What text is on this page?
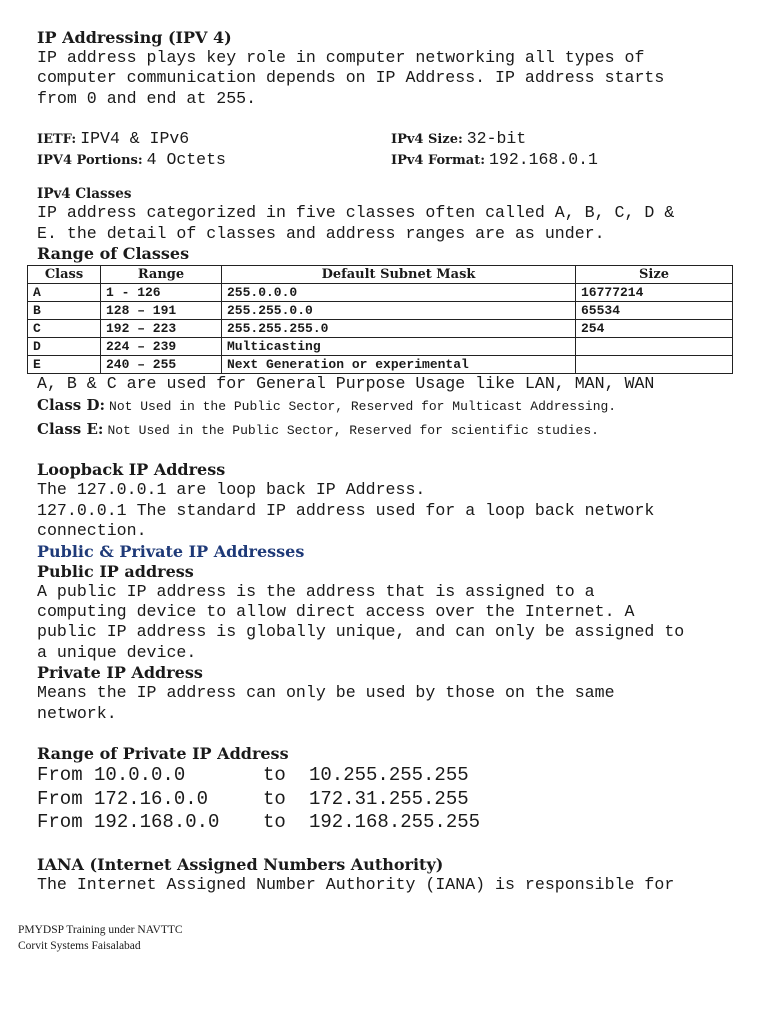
IP Addressing (IPV 4)

IP address plays key role in computer networking all types of
computer communication depends on IP Address. IP address starts
from 0 and end at 255.

IETF: IPV4 & IPv6	IPv4 Size: 32-bit
IPV4 Portions: 4 Octets	IPv4 Format: 192.168.0.1

IPv4 Classes

IP address categorized in five classes often called A, B, C, D &
E. the detail of classes and address ranges are as under.

Range of Classes

Class	Range	Default Subnet Mask	Size
A	1 - 126	255.0.0.0	16777214
B	128 – 191	255.255.0.0	65534
C	192 – 223	255.255.255.0	254
D	224 – 239	Multicasting	
E	240 – 255	Next Generation or experimental	

A, B & C are used for General Purpose Usage like LAN, MAN, WAN

Class D: Not Used in the Public Sector, Reserved for Multicast Addressing.

Class E: Not Used in the Public Sector, Reserved for scientific studies.

Loopback IP Address

The 127.0.0.1 are loop back IP Address.
127.0.0.1 The standard IP address used for a loop back network
connection.

Public & Private IP Addresses

Public IP address

A public IP address is the address that is assigned to a
computing device to allow direct access over the Internet. A
public IP address is globally unique, and can only be assigned to
a unique device.

Private IP Address

Means the IP address can only be used by those on the same
network.

Range of Private IP Address

From 10.0.0.0	to	10.255.255.255
From 172.16.0.0	to	172.31.255.255
From 192.168.0.0	to	192.168.255.255

IANA (Internet Assigned Numbers Authority)

The Internet Assigned Number Authority (IANA) is responsible for

PMYDSP Training under NAVTTC
Corvit Systems Faisalabad
